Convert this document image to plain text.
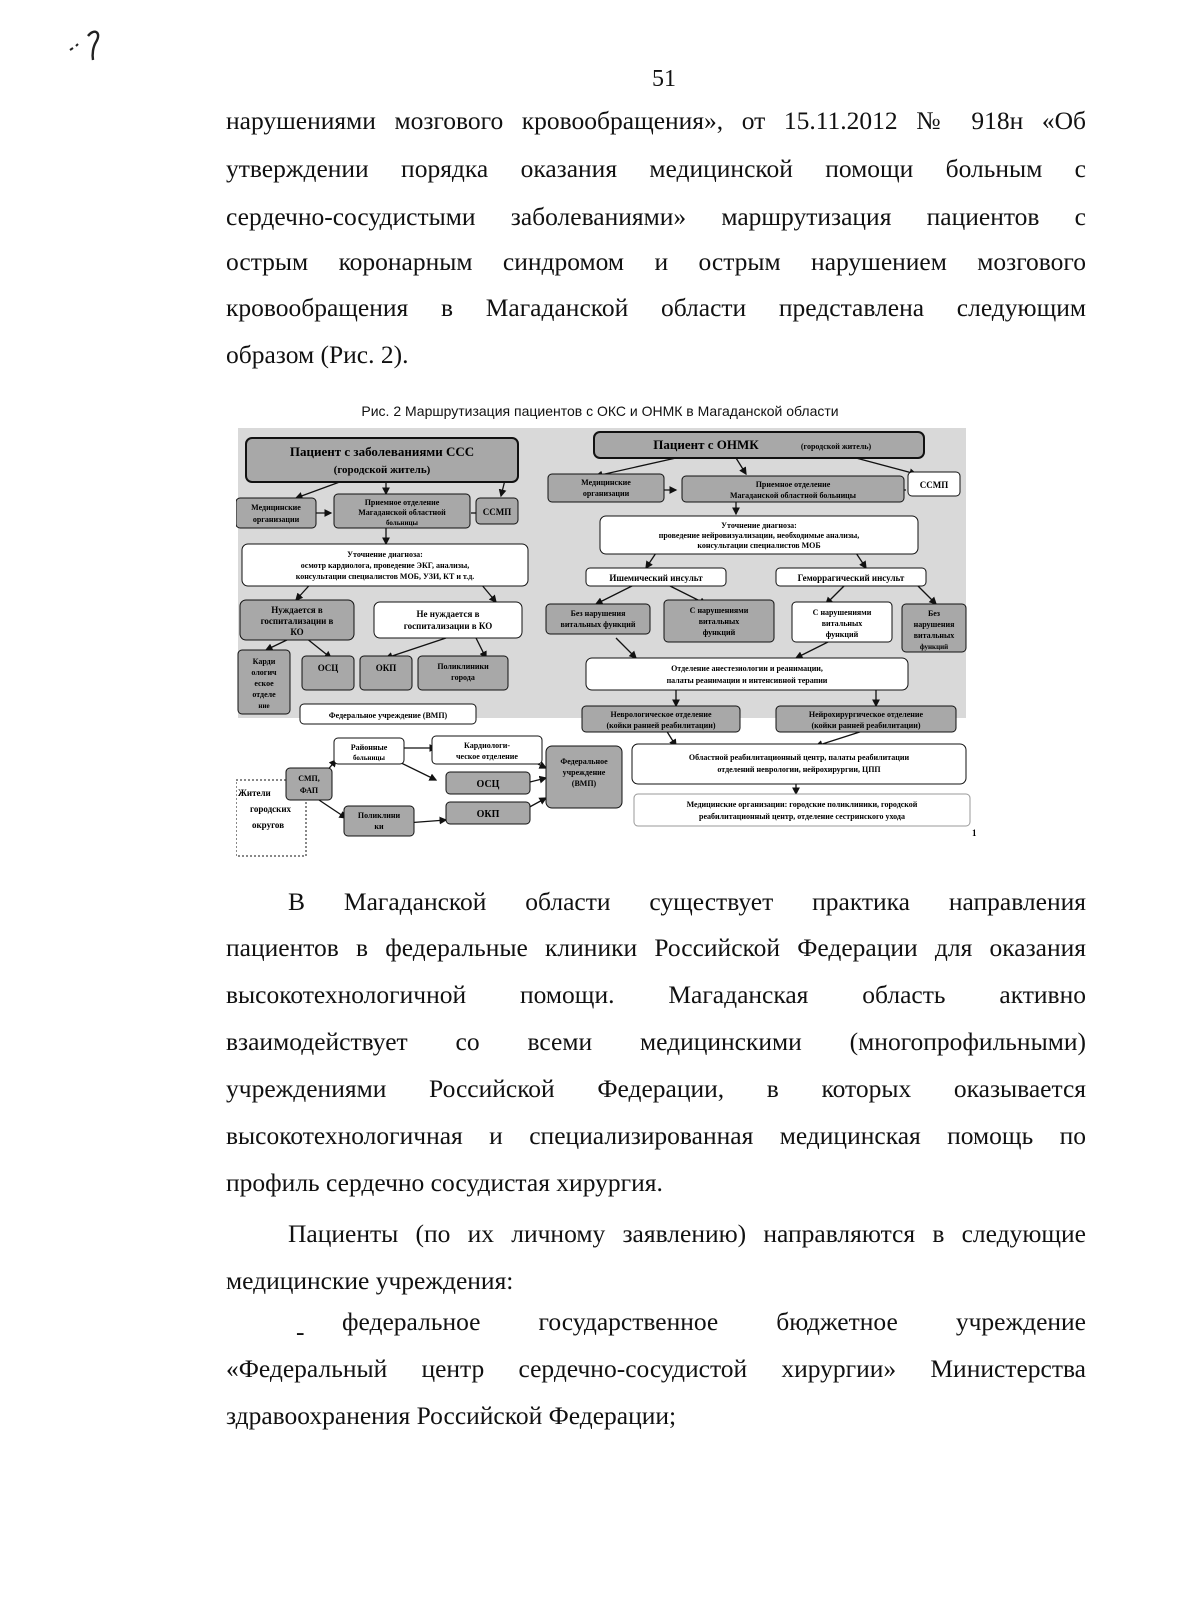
51

нарушениями мозгового кровообращения», от 15.11.2012 № 918н «Об

утверждении порядка оказания медицинской помощи больным с

сердечно-сосудистыми заболеваниями» маршрутизация пациентов с

острым коронарным синдромом и острым нарушением мозгового

кровообращения в Магаданской области представлена следующим

образом (Рис. 2).

Рис. 2 Маршрутизация пациентов с ОКС и ОНМК в Магаданской области
Пациент с заболеваниями ССС
(городской житель)
Медицинские
организации
Приемное отделение
Магаданской областной
больницы
ССМП
Уточнение диагноза:
осмотр кардиолога, проведение ЭКГ, анализы,
консультации специалистов МОБ, УЗИ, КТ и т.д.
Нуждается в
госпитализации в
КО
Не нуждается в
госпитализации в КО
Карди
ологич
еское
отделе
ние
ОСЦ	ОКП	Поликлиники
города
Федеральное учреждение (ВМП)
Пациент с ОНМК	(городской житель)
Медицинские
организации
Приемное отделение
Магаданской областной больницы
ССМП
Уточнение диагноза:
проведение нейровизуализации, необходимые анализы,
консультации специалистов МОБ
Ишемический инсульт	Геморрагический инсульт
Без нарушения
витальных функций
С нарушениями
витальных
функций
С нарушениями
витальных
функций
Без
нарушения
витальных
функций
Отделение анестезиологии и реанимации,
палаты реанимации и интенсивной терапии
Неврологическое отделение
(койки ранней реабилитации)
Нейрохирургическое отделение
(койки ранней реабилитации)
Областной реабилитационный центр, палаты реабилитации
отделений неврологии, нейрохирургии, ЦПП
Медицинские организации: городские поликлиники, городской
реабилитационный центр, отделение сестринского ухода
1
Жители
городских
округов
СМП,
ФАП
Районные
больницы
Поликлини
ки
Кардиологи-
ческое отделение
ОСЦ
ОКП
Федеральное
учреждение
(ВМП)

В Магаданской области существует практика направления

пациентов в федеральные клиники Российской Федерации для оказания

высокотехнологичной помощи. Магаданская область активно

взаимодействует со всеми медицинскими (многопрофильными)

учреждениями Российской Федерации, в которых оказывается

высокотехнологичная и специализированная медицинская помощь по

профиль сердечно сосудистая хирургия.

Пациенты (по их личному заявлению) направляются в следующие

медицинские учреждения:

- федеральное государственное бюджетное учреждение

«Федеральный центр сердечно-сосудистой хирургии» Министерства

здравоохранения Российской Федерации;
